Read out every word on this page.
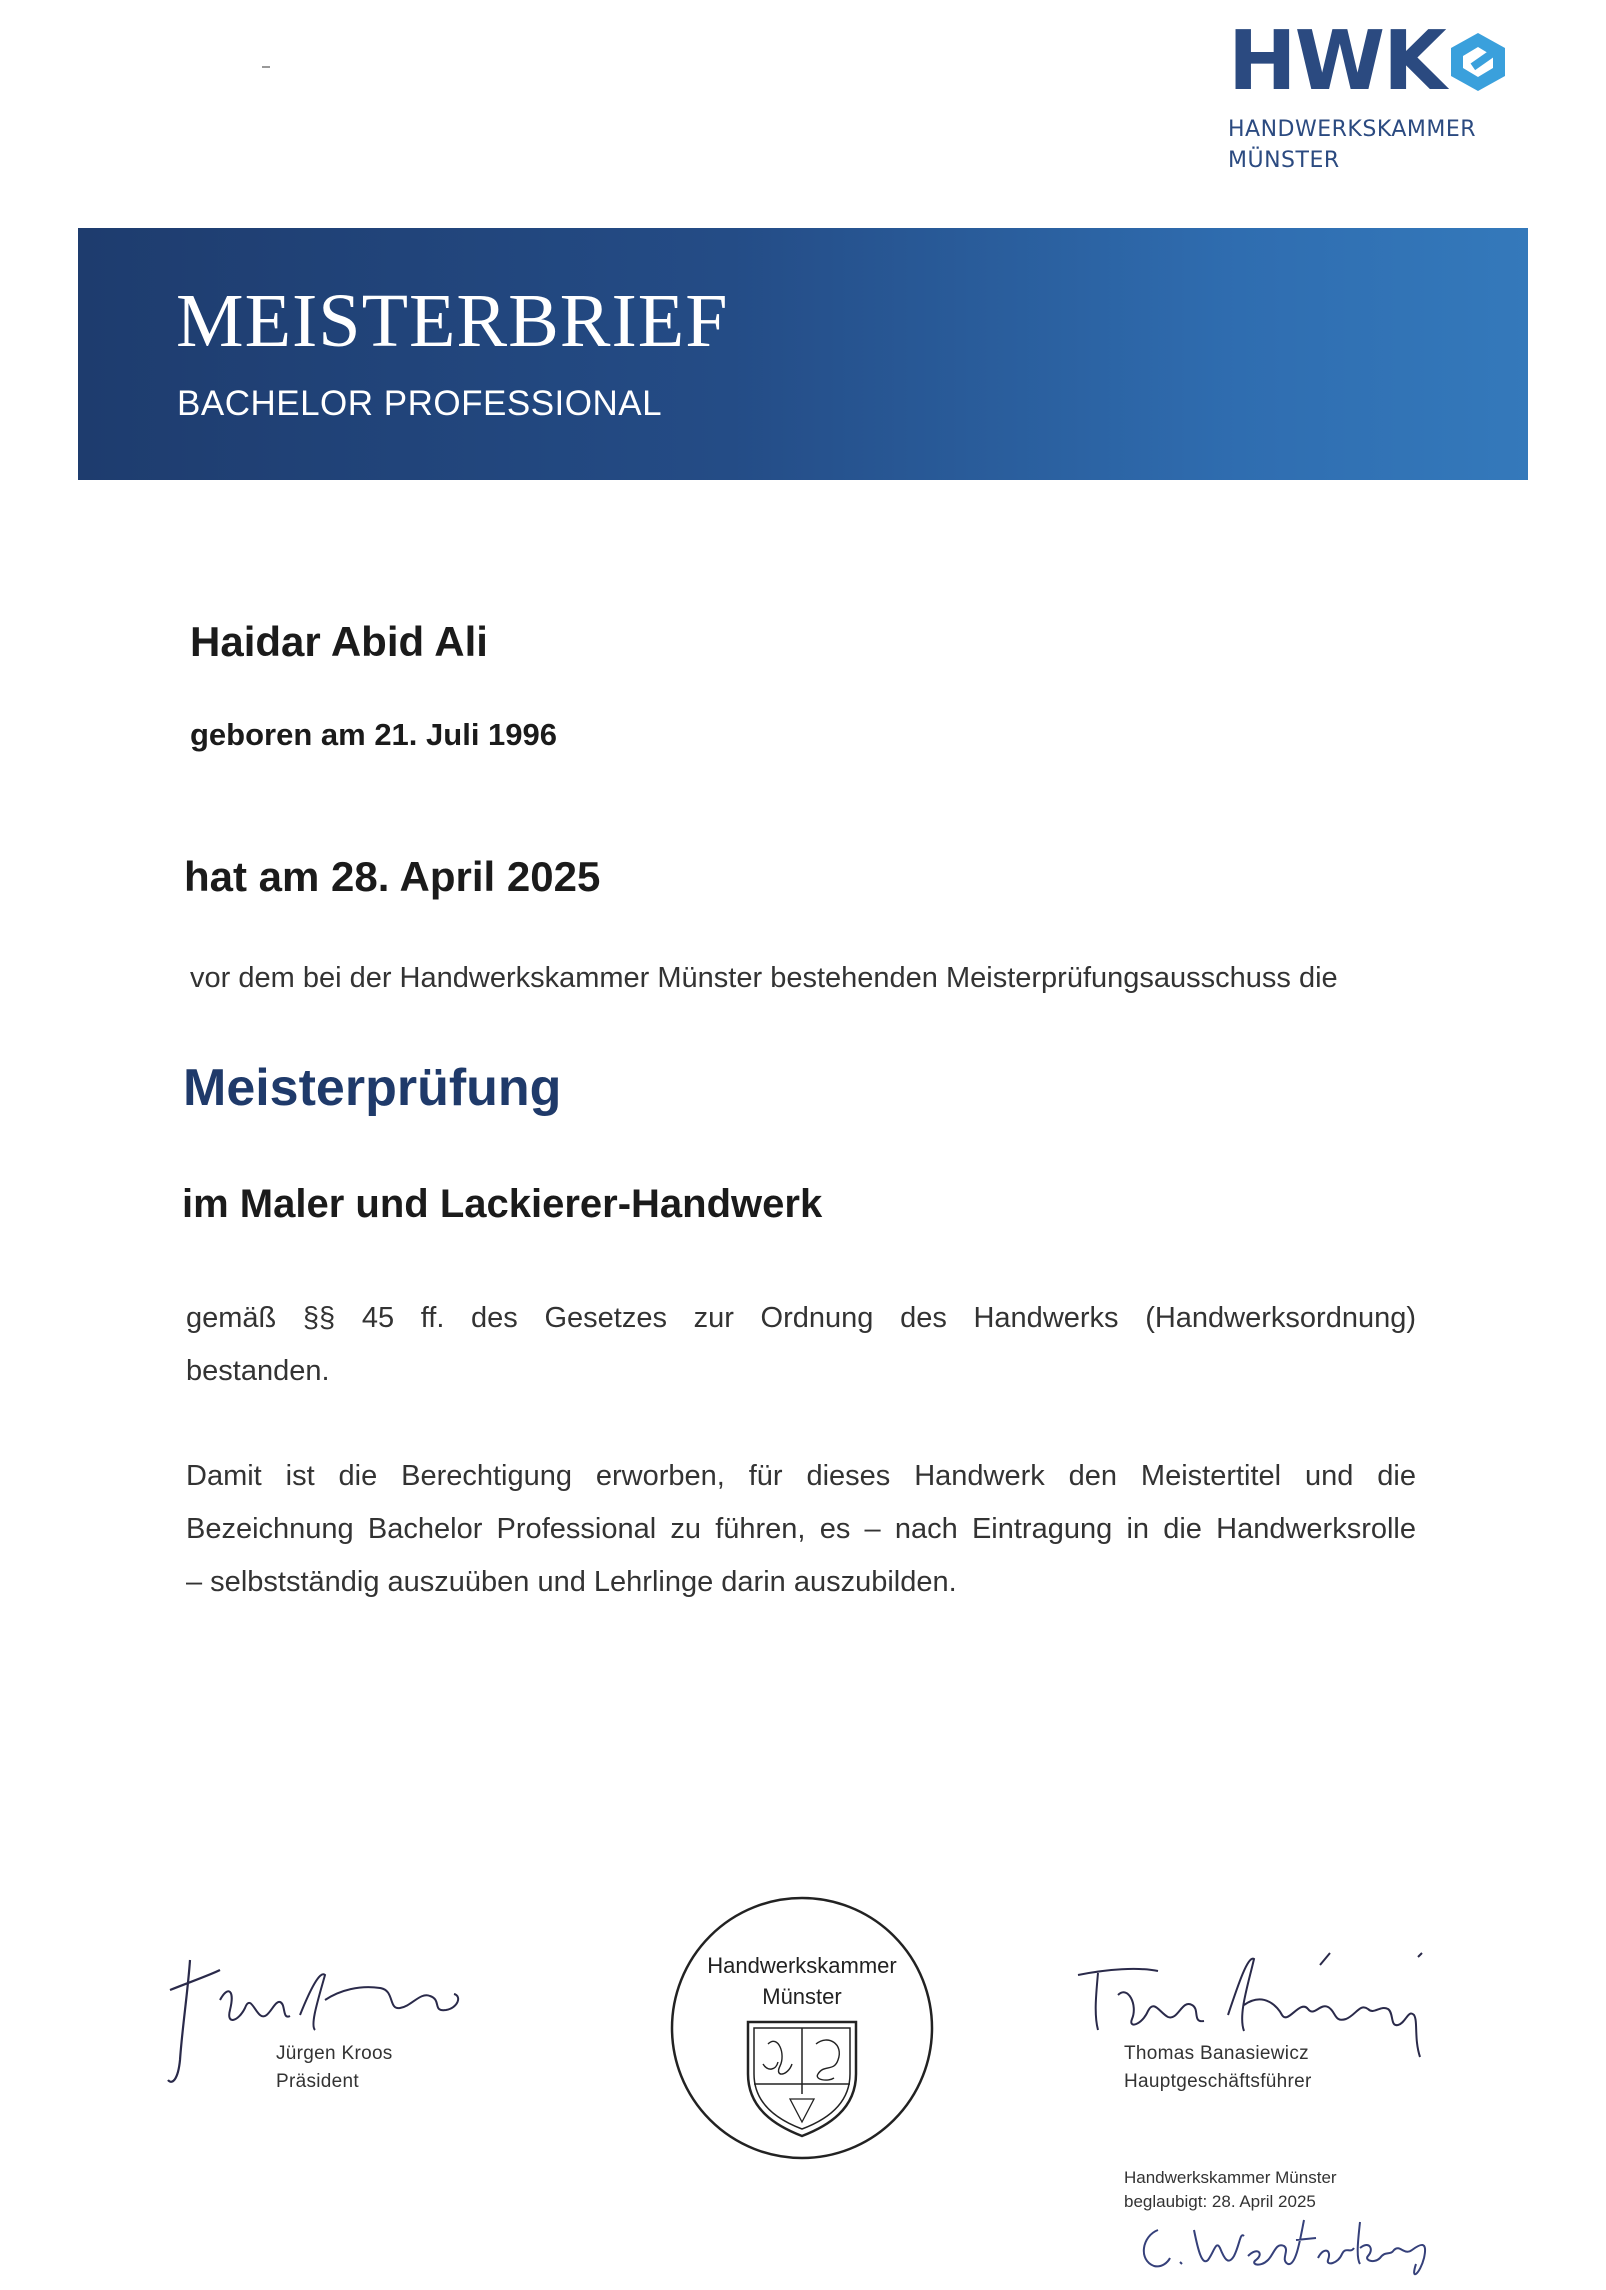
HWK
HANDWERKSKAMMER
MÜNSTER
MEISTERBRIEF
BACHELOR PROFESSIONAL
Haidar Abid Ali
geboren am 21. Juli 1996
hat am 28. April 2025
vor dem bei der Handwerkskammer Münster bestehenden Meisterprüfungsausschuss die
Meisterprüfung
im Maler und Lackierer-Handwerk
gemäß §§ 45 ff. des Gesetzes zur Ordnung des Handwerks (Handwerksordnung)
bestanden.
Damit ist die Berechtigung erworben, für dieses Handwerk den Meistertitel und die
Bezeichnung Bachelor Professional zu führen, es – nach Eintragung in die Handwerksrolle
– selbstständig auszuüben und Lehrlinge darin auszubilden.
Jürgen Kroos
Präsident
Handwerkskammer
Münster
Thomas Banasiewicz
Hauptgeschäftsführer
Handwerkskammer Münster
beglaubigt: 28. April 2025
